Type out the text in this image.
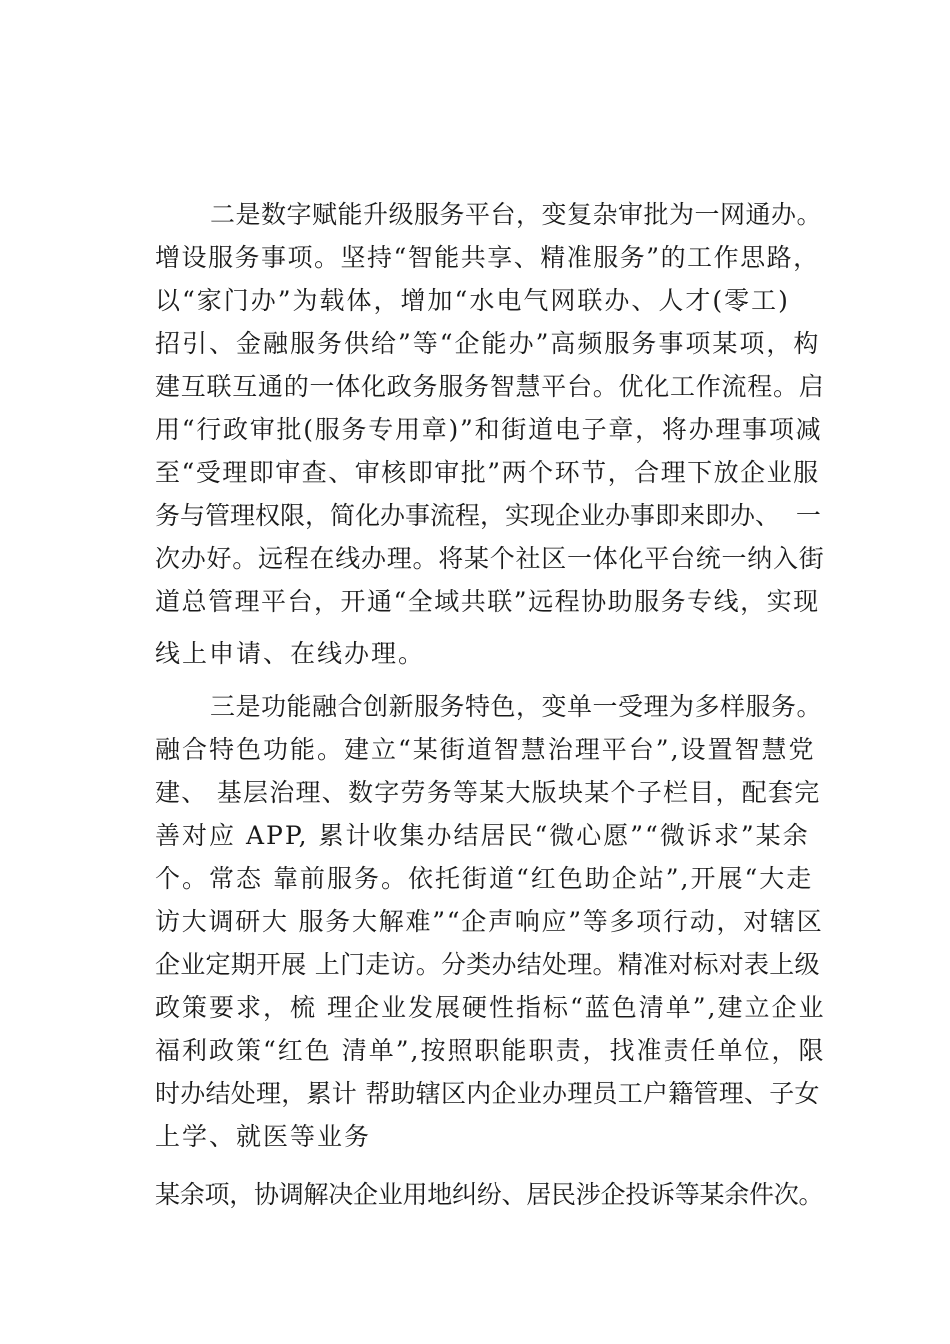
二是数字赋能升级服务平台，变复杂审批为一网通办。
增设服务事项。坚持“智能共享、精准服务”的工作思路，
以“家门办”为载体，增加“水电气网联办、人才(零工)
招引、金融服务供给”等“企能办”高频服务事项某项，构
建互联互通的一体化政务服务智慧平台。优化工作流程。启
用“行政审批(服务专用章)”和街道电子章，将办理事项减
至“受理即审查、审核即审批”两个环节，合理下放企业服
务与管理权限，简化办事流程，实现企业办事即来即办、  一
次办好。远程在线办理。将某个社区一体化平台统一纳入街
道总管理平台，开通“全域共联”远程协助服务专线，实现
线上申请、在线办理。
三是功能融合创新服务特色，变单一受理为多样服务。
融合特色功能。建立“某街道智慧治理平台”,设置智慧党
建、 基层治理、数字劳务等某大版块某个子栏目，配套完
善对应 APP, 累计收集办结居民“微心愿”“微诉求”某余
个。常态 靠前服务。依托街道“红色助企站”,开展“大走
访大调研大 服务大解难”“企声响应”等多项行动，对辖区
企业定期开展 上门走访。分类办结处理。精准对标对表上级
政策要求，梳 理企业发展硬性指标“蓝色清单”,建立企业
福利政策“红色 清单”,按照职能职责，找准责任单位，限
时办结处理，累计 帮助辖区内企业办理员工户籍管理、子女
上学、就医等业务
某余项，协调解决企业用地纠纷、居民涉企投诉等某余件次。
